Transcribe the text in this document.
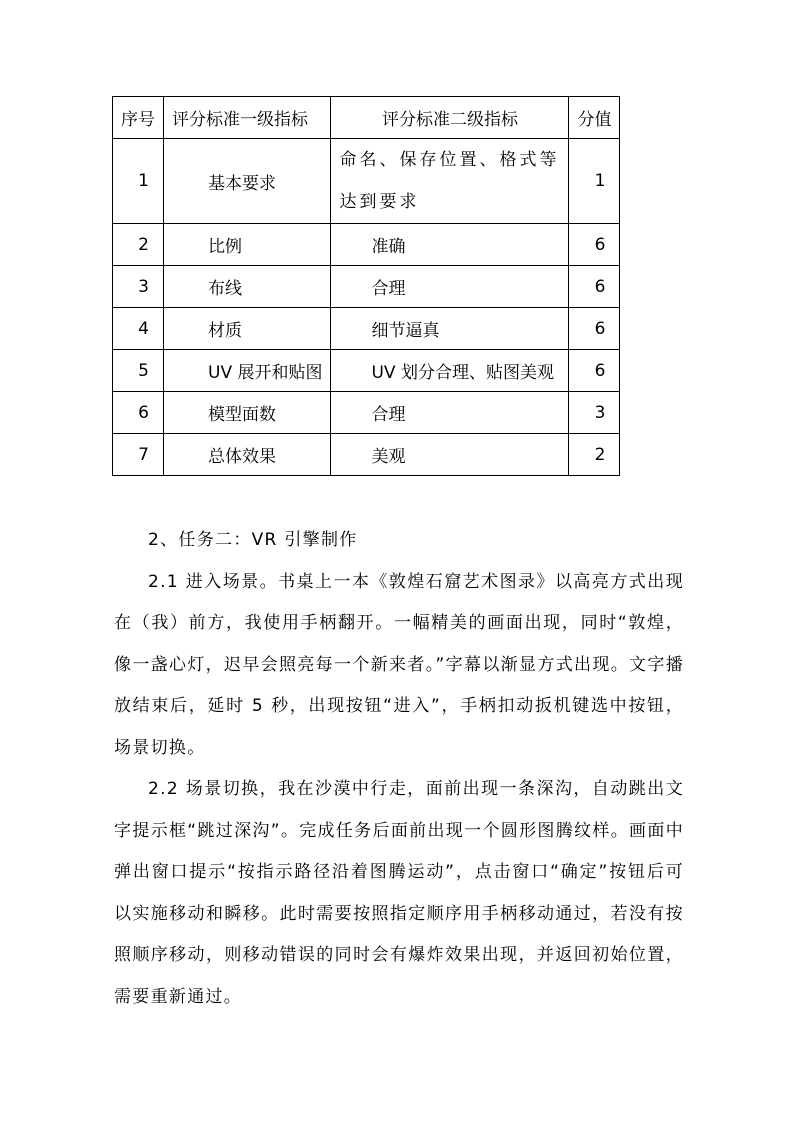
序号	评分标准一级指标	评分标准二级指标	分值
1	基本要求	命名、保存位置、格式等达到要求	1
2	比例	准确	6
3	布线	合理	6
4	材质	细节逼真	6
5	UV 展开和贴图	UV 划分合理、贴图美观	6
6	模型面数	合理	3
7	总体效果	美观	2

2、任务二：VR 引擎制作

2.1 进入场景。书桌上一本《敦煌石窟艺术图录》以高亮方式出现在（我）前方，我使用手柄翻开。一幅精美的画面出现，同时“敦煌，像一盏心灯，迟早会照亮每一个新来者。”字幕以渐显方式出现。文字播放结束后，延时 5 秒，出现按钮“进入”，手柄扣动扳机键选中按钮，场景切换。

2.2 场景切换，我在沙漠中行走，面前出现一条深沟，自动跳出文字提示框“跳过深沟”。完成任务后面前出现一个圆形图腾纹样。画面中弹出窗口提示“按指示路径沿着图腾运动”，点击窗口“确定”按钮后可以实施移动和瞬移。此时需要按照指定顺序用手柄移动通过，若没有按照顺序移动，则移动错误的同时会有爆炸效果出现，并返回初始位置，需要重新通过。
